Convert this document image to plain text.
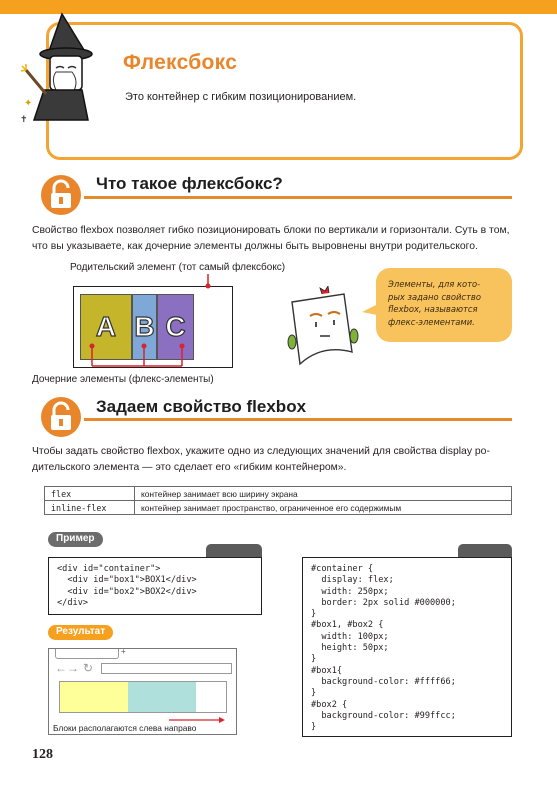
Флексбокс
Это контейнер с гибким позиционированием.
✦
✝
Что такое флексбокс?
Свойство flexbox позволяет гибко позиционировать блоки по вертикали и горизонтали. Суть в том,
что вы указываете, как дочерние элементы должны быть выровнены внутри родительского.
Родительский элемент (тот самый флексбокс)
A B C
Дочерние элементы (флекс-элементы)
Элементы, для кото-
рых задано свойство
flexbox, называются
флекс-элементами.
Задаем свойство flexbox
Чтобы задать свойство flexbox, укажите одно из следующих значений для свойства display ро-
дительского элемента — это сделает его «гибким контейнером».
flex	контейнер занимает всю ширину экрана
inline-flex	контейнер занимает пространство, ограниченное его содержимым
Пример
<div id="container">
<div id="box1">BOX1</div>
<div id="box2">BOX2</div>
</div>
#container {
display: flex;
width: 250px;
border: 2px solid #000000;
}
#box1, #box2 {
width: 100px;
height: 50px;
}
#box1{
background-color: #ffff66;
}
#box2 {
background-color: #99ffcc;
}
Результат
+
←→ ↻
Блоки располагаются слева направо
128
